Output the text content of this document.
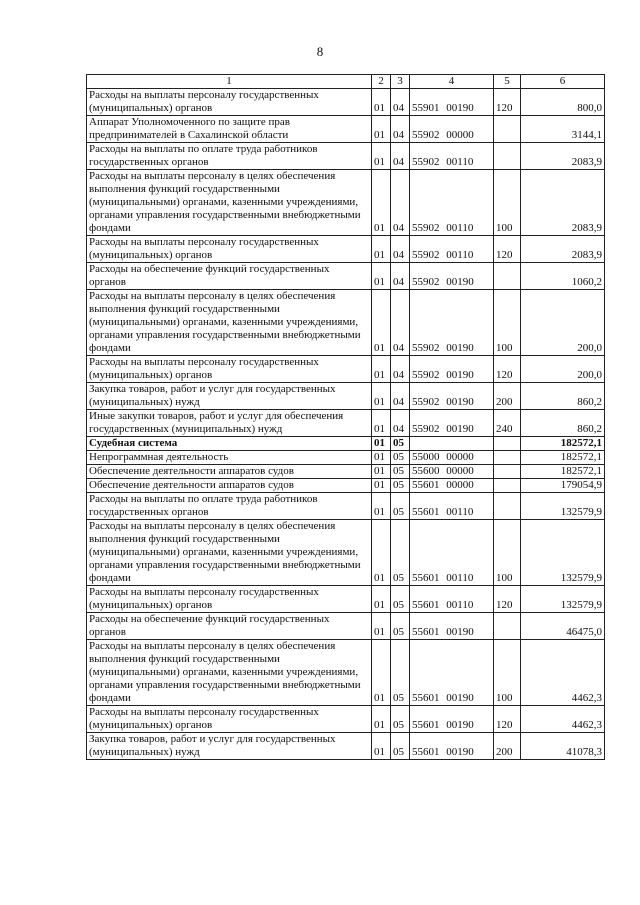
8
1	2	3	4	5	6
Расходы на выплаты персоналу государственных (муниципальных) органов	01	04	55901 00190	120	800,0
Аппарат Уполномоченного по защите прав предпринимателей в Сахалинской области	01	04	55902 00000		3144,1
Расходы на выплаты по оплате труда работников государственных органов	01	04	55902 00110		2083,9
Расходы на выплаты персоналу в целях обеспечения выполнения функций государственными (муниципальными) органами, казенными учреждениями, органами управления государственными внебюджетными фондами	01	04	55902 00110	100	2083,9
Расходы на выплаты персоналу государственных (муниципальных) органов	01	04	55902 00110	120	2083,9
Расходы на обеспечение функций государственных органов	01	04	55902 00190		1060,2
Расходы на выплаты персоналу в целях обеспечения выполнения функций государственными (муниципальными) органами, казенными учреждениями, органами управления государственными внебюджетными фондами	01	04	55902 00190	100	200,0
Расходы на выплаты персоналу государственных (муниципальных) органов	01	04	55902 00190	120	200,0
Закупка товаров, работ и услуг для государственных (муниципальных) нужд	01	04	55902 00190	200	860,2
Иные закупки товаров, работ и услуг для обеспечения государственных (муниципальных) нужд	01	04	55902 00190	240	860,2
Судебная система	01	05			182572,1
Непрограммная деятельность	01	05	55000 00000		182572,1
Обеспечение деятельности аппаратов судов	01	05	55600 00000		182572,1
Обеспечение деятельности аппаратов судов	01	05	55601 00000		179054,9
Расходы на выплаты по оплате труда работников государственных органов	01	05	55601 00110		132579,9
Расходы на выплаты персоналу в целях обеспечения выполнения функций государственными (муниципальными) органами, казенными учреждениями, органами управления государственными внебюджетными фондами	01	05	55601 00110	100	132579,9
Расходы на выплаты персоналу государственных (муниципальных) органов	01	05	55601 00110	120	132579,9
Расходы на обеспечение функций государственных органов	01	05	55601 00190		46475,0
Расходы на выплаты персоналу в целях обеспечения выполнения функций государственными (муниципальными) органами, казенными учреждениями, органами управления государственными внебюджетными фондами	01	05	55601 00190	100	4462,3
Расходы на выплаты персоналу государственных (муниципальных) органов	01	05	55601 00190	120	4462,3
Закупка товаров, работ и услуг для государственных (муниципальных) нужд	01	05	55601 00190	200	41078,3
